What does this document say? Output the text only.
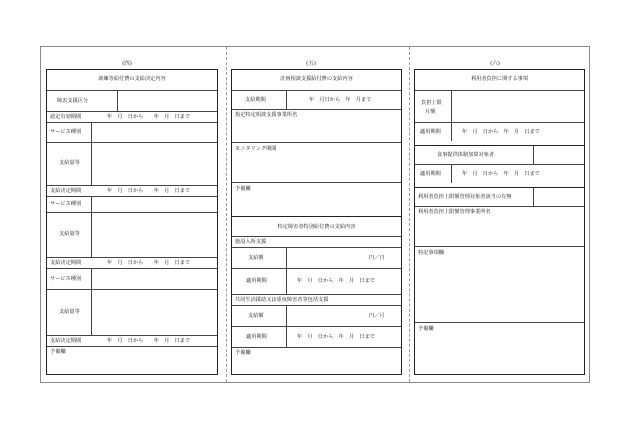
(四)	(五)	(六)
訓練等給付費の支給決定内容
障害支援区分
認定有効期間	年　月　日から　　年　月　日まで
サービス種別
支給量等
支給決定期間	年　月　日から　　年　月　日まで
サービス種別
支給量等
支給決定期間	年　月　日から　　年　月　日まで
サービス種別
支給量等
支給決定期間	年　月　日から　　年　月　日まで
予備欄
計画相談支援給付費の支給内容
支給期間	年　月日から　年　月まで
指定特定相談支援事業所名
モニタリング期間
予備欄
特定障害者特別給付費の支給内容
施設入所支援
支給額	円／日
適用期間	年　月　日から　年　月　日まで
共同生活援助又は重度障害者等包括支援
支給額	円／月
適用期間	年　月　日から　年　月　日まで
予備欄
利用者負担に関する事項
負担上限
月額
適用期間	年　月　日から　年　月　日まで
食事提供体制加算対象者
適用期間	年　月　日から　年　月　日まで
利用者負担上限額管理対象者該当の有無
利用者負担上限額管理事業所名
特記事項欄
予備欄
